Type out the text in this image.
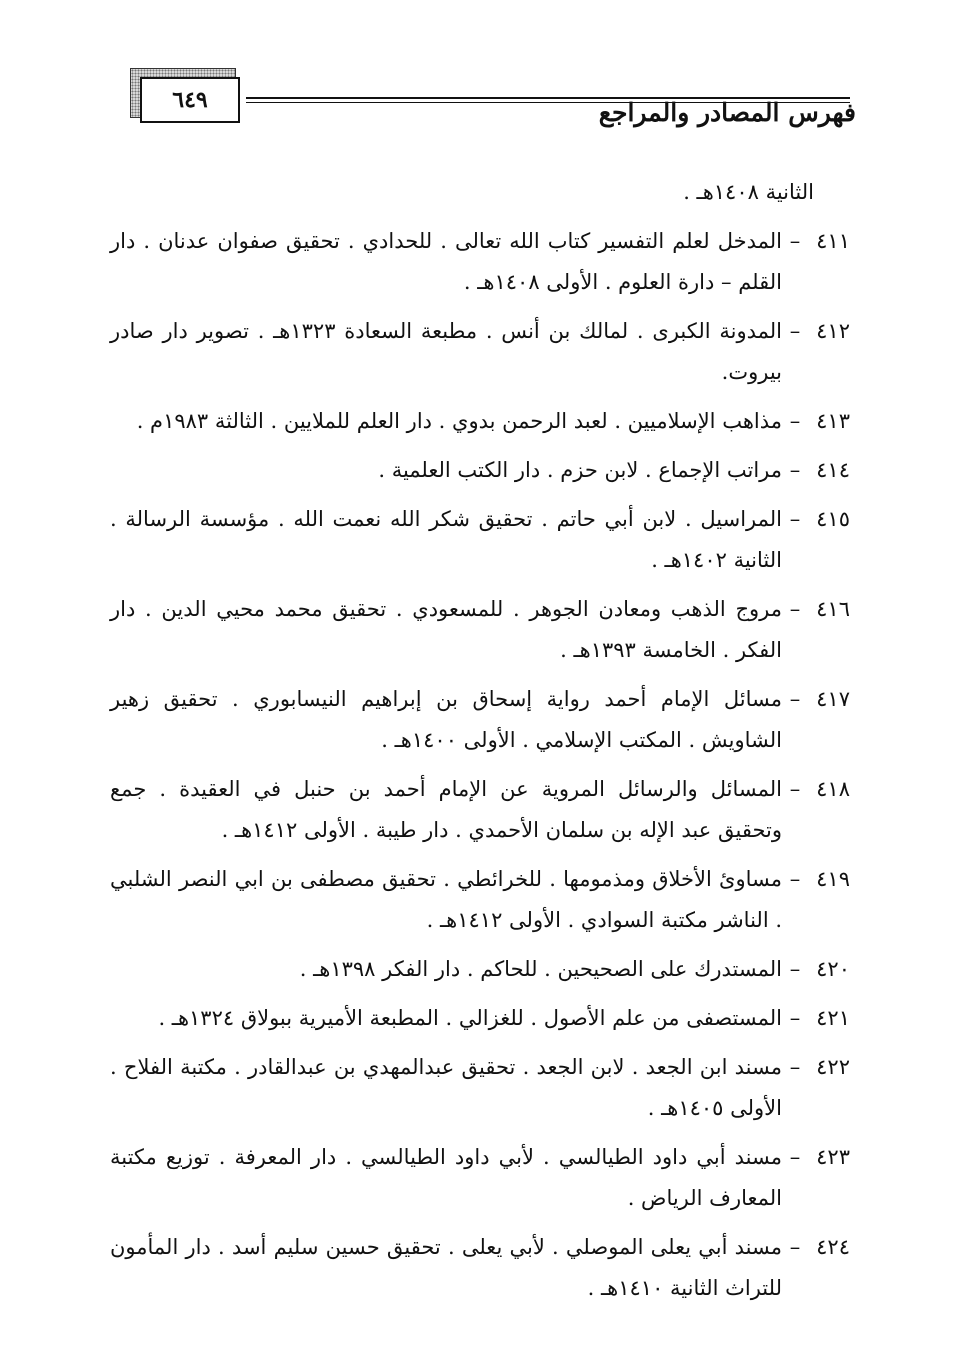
٦٤٩	فهرس المصادر والمراجع
الثانية ١٤٠٨هـ .
٤١١
–
المدخل لعلم التفسير كتاب الله تعالى . للحدادي . تحقيق صفوان عدنان . دار القلم – دارة العلوم . الأولى ١٤٠٨هـ .
٤١٢
–
المدونة الكبرى . لمالك بن أنس . مطبعة السعادة ١٣٢٣هـ . تصوير دار صادر بيروت.
٤١٣
–
مذاهب الإسلاميين . لعبد الرحمن بدوي . دار العلم للملايين . الثالثة ١٩٨٣م .
٤١٤
–
مراتب الإجماع . لابن حزم . دار الكتب العلمية .
٤١٥
–
المراسيل . لابن أبي حاتم . تحقيق شكر الله نعمت الله . مؤسسة الرسالة . الثانية ١٤٠٢هـ .
٤١٦
–
مروج الذهب ومعادن الجوهر . للمسعودي . تحقيق محمد محيي الدين . دار الفكر . الخامسة ١٣٩٣هـ .
٤١٧
–
مسائل الإمام أحمد رواية إسحاق بن إبراهيم النيسابوري . تحقيق زهير الشاويش . المكتب الإسلامي . الأولى ١٤٠٠هـ .
٤١٨
–
المسائل والرسائل المروية عن الإمام أحمد بن حنبل في العقيدة . جمع وتحقيق عبد الإله بن سلمان الأحمدي . دار طيبة . الأولى ١٤١٢هـ .
٤١٩
–
مساوئ الأخلاق ومذمومها . للخرائطي . تحقيق مصطفى بن ابي النصر الشلبي . الناشر مكتبة السوادي . الأولى ١٤١٢هـ .
٤٢٠
–
المستدرك على الصحيحين . للحاكم . دار الفكر ١٣٩٨هـ .
٤٢١
–
المستصفى من علم الأصول . للغزالي . المطبعة الأميرية ببولاق ١٣٢٤هـ .
٤٢٢
–
مسند ابن الجعد . لابن الجعد . تحقيق عبدالمهدي بن عبدالقادر . مكتبة الفلاح . الأولى ١٤٠٥هـ .
٤٢٣
–
مسند أبي داود الطيالسي . لأبي داود الطيالسي . دار المعرفة . توزيع مكتبة المعارف الرياض .
٤٢٤
–
مسند أبي يعلى الموصلي . لأبي يعلى . تحقيق حسين سليم أسد . دار المأمون للتراث الثانية ١٤١٠هـ .
